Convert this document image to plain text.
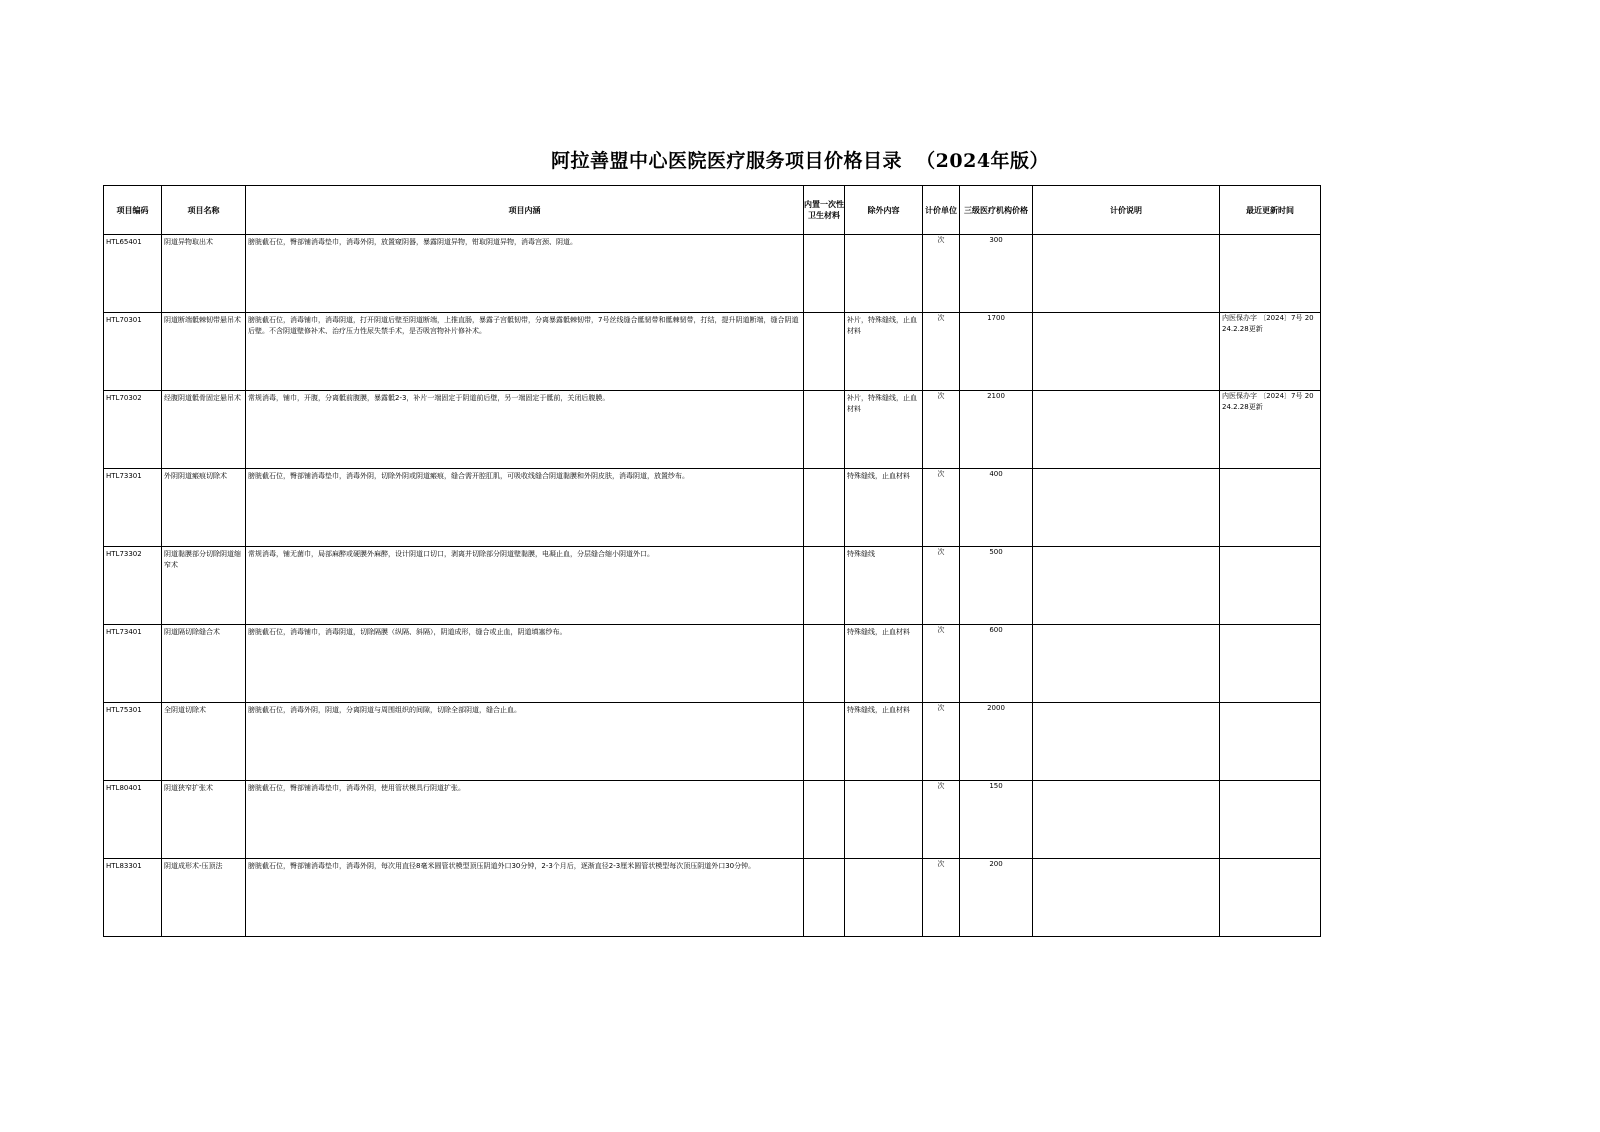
阿拉善盟中心医院医疗服务项目价格目录  （2024年版）
项目编码	项目名称	项目内涵	内置一次性卫生材料	除外内容	计价单位	三级医疗机构价格	计价说明	最近更新时间

HTL65401	阴道异物取出术	膀胱截石位，臀部铺消毒垫巾，消毒外阴，放置窥阴器，暴露阴道异物，钳取阴道异物，消毒宫颈、阴道。			次	300	

HTL70301	阴道断端骶棘韧带悬吊术	膀胱截石位，消毒铺巾，消毒阴道，打开阴道后壁至阴道断端，上推直肠，暴露子宫骶韧带，分离暴露骶棘韧带，7号丝线缝合骶韧带和骶棘韧带，打结，提升阴道断端，缝合阴道后壁。不含阴道壁修补术、治疗压力性尿失禁手术，是否吸宫物补片修补术。		补片，特殊缝线，止血材料	次	1700		内医保办字 〔2024〕7号 2024.2.28更新

HTL70302	经腹阴道骶骨固定悬吊术	常规消毒，铺巾，开腹，分离骶前腹膜，暴露骶2-3，补片一端固定于阴道前后壁，另一端固定于骶前，关闭后腹膜。		补片，特殊缝线，止血材料	次	2100		内医保办字 〔2024〕7号 2024.2.28更新

HTL73301	外阴阴道瘢痕切除术	膀胱截石位，臀部铺消毒垫巾，消毒外阴，切除外阴或阴道瘢痕，缝合需开腔肛肌，可吸收线缝合阴道黏膜和外阴皮肤，消毒阴道，放置纱布。		特殊缝线，止血材料	次	400	

HTL73302	阴道黏膜部分切除阴道缩窄术	常规消毒，铺无菌巾，局部麻醉或硬膜外麻醉，设计阴道口切口，剥离并切除部分阴道壁黏膜，电凝止血，分层缝合缩小阴道外口。		特殊缝线	次	500	

HTL73401	阴道隔切除缝合术	膀胱截石位，消毒铺巾，消毒阴道，切除隔膜（纵隔、斜隔），阴道成形，缝合或止血，阴道填塞纱布。		特殊缝线，止血材料	次	600	

HTL75301	全阴道切除术	膀胱截石位，消毒外阴，阴道，分离阴道与周围组织的间隙，切除全部阴道，缝合止血。		特殊缝线，止血材料	次	2000	

HTL80401	阴道狭窄扩张术	膀胱截石位，臀部铺消毒垫巾，消毒外阴，使用管状模具行阴道扩张。			次	150	

HTL83301	阴道成形术-压顶法	膀胱截石位，臀部铺消毒垫巾，消毒外阴，每次用直径8毫米圆管状模型顶压阴道外口30分钟，2-3个月后，逐渐直径2-3厘米圆管状模型每次顶压阴道外口30分钟。			次	200	
